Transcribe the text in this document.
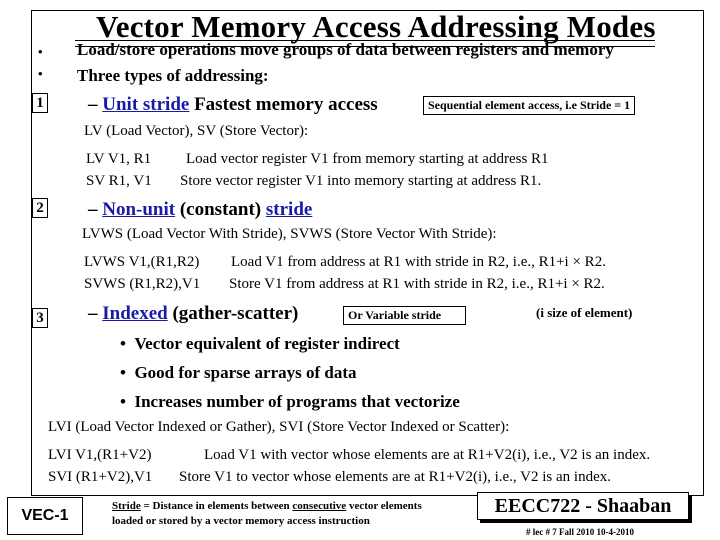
Vector Memory Access Addressing Modes
• Load/store operations move groups of data between registers and memory
• Three types of addressing:
1 – Unit stride Fastest memory access	Sequential element access, i.e Stride = 1
LV (Load Vector), SV (Store Vector):
LV V1, R1 Load vector register V1 from memory starting at address R1
SV R1, V1 Store vector register V1 into memory starting at address R1.
2 – Non-unit (constant) stride
LVWS (Load Vector With Stride), SVWS (Store Vector With Stride):
LVWS V1,(R1,R2) Load V1 from address at R1 with stride in R2, i.e., R1+i × R2.
SVWS (R1,R2),V1 Store V1 from address at R1 with stride in R2, i.e., R1+i × R2.
3 – Indexed (gather-scatter)	Or Variable stride	(i size of element)
•  Vector equivalent of register indirect
•  Good for sparse arrays of data
•  Increases number of programs that vectorize
LVI (Load Vector Indexed or Gather), SVI (Store Vector Indexed or Scatter):
LVI V1,(R1+V2)	Load V1 with vector whose elements are at R1+V2(i), i.e., V2 is an index.
SVI (R1+V2),V1 Store V1 to vector whose elements are at R1+V2(i), i.e., V2 is an index.
VEC-1
Stride = Distance in elements between consecutive vector elements
loaded or stored by a vector memory access instruction
EECC722 - Shaaban
# lec # 7 Fall 2010 10-4-2010
